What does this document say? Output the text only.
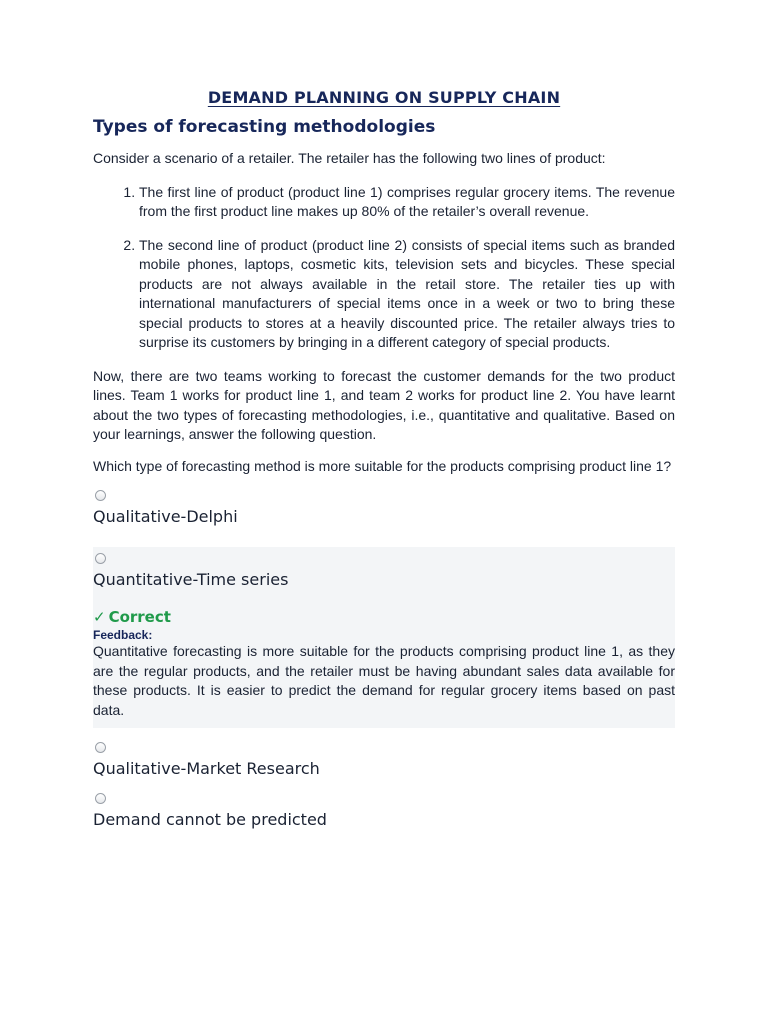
DEMAND PLANNING ON SUPPLY CHAIN
Types of forecasting methodologies

Consider a scenario of a retailer. The retailer has the following two lines of product:

1. The first line of product (product line 1) comprises regular grocery items. The revenue from the first product line makes up 80% of the retailer’s overall revenue.
2. The second line of product (product line 2) consists of special items such as branded mobile phones, laptops, cosmetic kits, television sets and bicycles. These special products are not always available in the retail store. The retailer ties up with international manufacturers of special items once in a week or two to bring these special products to stores at a heavily discounted price. The retailer always tries to surprise its customers by bringing in a different category of special products.

Now, there are two teams working to forecast the customer demands for the two product lines. Team 1 works for product line 1, and team 2 works for product line 2. You have learnt about the two types of forecasting methodologies, i.e., quantitative and qualitative. Based on your learnings, answer the following question.

Which type of forecasting method is more suitable for the products comprising product line 1?

Qualitative-Delphi
Quantitative-Time series
✓ Correct
Feedback:

Quantitative forecasting is more suitable for the products comprising product line 1, as they are the regular products, and the retailer must be having abundant sales data available for these products. It is easier to predict the demand for regular grocery items based on past data.

Qualitative-Market Research
Demand cannot be predicted
